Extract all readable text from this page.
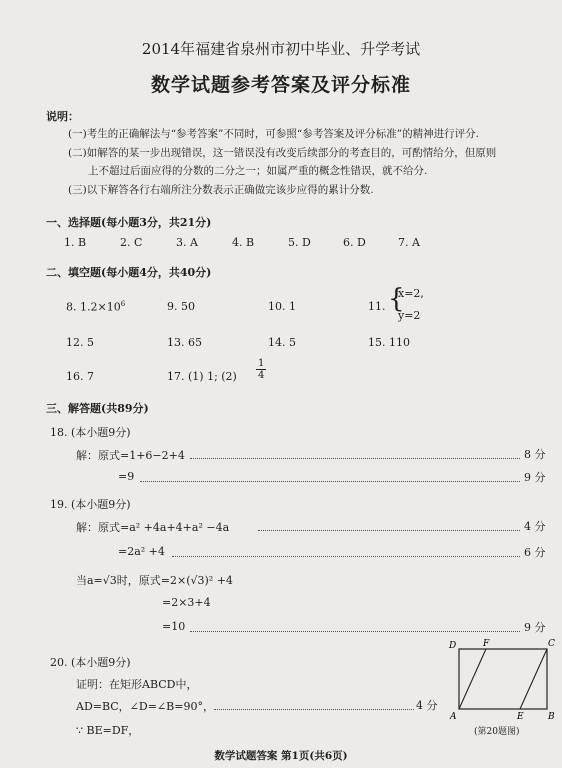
2014年福建省泉州市初中毕业、升学考试
数学试题参考答案及评分标准
说明：
(一)考生的正确解法与“参考答案”不同时，可参照“参考答案及评分标准”的精神进行评分.
(二)如解答的某一步出现错误，这一错误没有改变后续部分的考查目的，可酌情给分，但原则
上不超过后面应得的分数的二分之一；如属严重的概念性错误，就不给分.
(三)以下解答各行右端所注分数表示正确做完该步应得的累计分数.
一、选择题(每小题3分，共21分)
1. B	2. C	3. A	4. B	5. D	6. D	7. A
二、填空题(每小题4分，共40分)
8. $1.2\times 10^6$	9. 50	10. 1	11. {
x=2,
y=2
12. 5	13. 65	14. 5	15. 110
16. 7	17. (1) 1; $(2) \frac{1}{4}$
三、解答题(共89分)
18. (本小题9分)
解：原式=1+6−2+4	8 分
=9	9 分
19. (本小题9分)
解：原式=a² +4a+4+a² −4a	4 分
=2a² +4	6 分
当a=√3时，原式=2×(√3)² +4
=2×3+4
=10	9 分
20. (本小题9分)
证明：在矩形ABCD中，
AD=BC，∠D=∠B=90°，	4 分
∵ BE=DF，
D	F	C
A	E	B
(第20题图)
数学试题答案 第1页(共6页)
